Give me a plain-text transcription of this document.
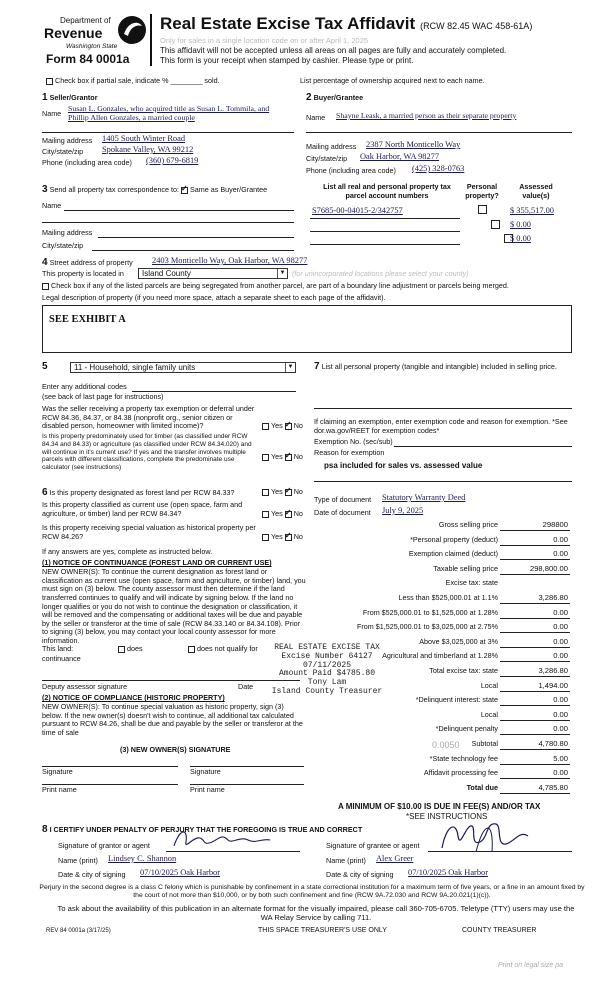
Department of
Revenue
Washington State
Form 84 0001a
Real Estate Excise Tax Affidavit (RCW 82.45 WAC 458-61A)
Only for sales in a single location code on or after April 1, 2025
This affidavit will not be accepted unless all areas on all pages are fully and accurately completed.
This form is your receipt when stamped by cashier. Please type or print.
Check box if partial sale, indicate % ________ sold.	List percentage of ownership acquired next to each name.
1 Seller/Grantor
Name
Susan L. Gonzales, who acquired title as Susan L. Tommila, and
Phillip Allen Gonzales, a married couple
Mailing address 1405 South Winter Road
City/state/zip Spokane Valley, WA 99212
Phone (including area code) (360) 679-6819
2 Buyer/Grantee
Name Shayne Leask, a married person as their separate property
Mailing address 2387 North Monticello Way
City/state/zip Oak Harbor, WA 98277
Phone (including area code) (425) 328-0763
3 Send all property tax correspondence to: ✓ Same as Buyer/Grantee
Name
Mailing address
City/state/zip
List all real and personal property tax parcel account numbers
Personal property?
Assessed value(s)
S7685-00-04015-2/342757
	$ 355,517.00

$ 0.00
$ 0.00
4 Street address of property 2403 Monticello Way, Oak Harbor, WA 98277
This property is located in Island County	▼ (for unincorporated locations please select your county)
Check box if any of the listed parcels are being segregated from another parcel, are part of a boundary line adjustment or parcels being merged.
Legal description of property (if you need more space, attach a separate sheet to each page of the affidavit).
SEE EXHIBIT A
5	11 - Household, single family units	▼
Enter any additional codes
(see back of last page for instructions)
Was the seller receiving a property tax exemption or deferral under RCW 84.36, 84.37, or 84.38 (nonprofit org., senior citizen or disabled person, homeowner with limited income)?	Yes ✓ No
Is this property predominately used for timber (as classified under RCW 84.34 and 84.33) or agriculture (as classified under RCW 84.34.020) and will continue in it's current use? If yes and the transfer involves multiple parcels with different classifications, complete the predominate use calculator (see instructions)
Yes ✓ No
6 Is this property designated as forest land per RCW 84.33?	Yes ✓ No
Is this property classified as current use (open space, farm and agriculture, or timber) land per RCW 84.34?	Yes ✓ No
Is this property receiving special valuation as historical property per RCW 84.26?	Yes ✓ No
If any answers are yes, complete as instructed below.
(1) NOTICE OF CONTINUANCE (FOREST LAND OR CURRENT USE)
NEW OWNER(S): To continue the current designation as forest land or classification as current use (open space, farm and agriculture, or timber) land, you must sign on (3) below. The county assessor must then determine if the land transferred continues to qualify and will indicate by signing below. If the land no longer qualifies or you do not wish to continue the designation or classification, it will be removed and the compensating or additional taxes will be due and payable by the seller or transferor at the time of sale (RCW 84.33.140 or 84.34.108). Prior to signing (3) below, you may contact your local county assessor for more information.
This land:
continuance
does	does not qualify for
Deputy assessor signature	Date
REAL ESTATE EXCISE TAX
Excise Number 64127
07/11/2025
Amount Paid $4785.80
Tony Lam
Island County Treasurer
(2) NOTICE OF COMPLIANCE (HISTORIC PROPERTY)
NEW OWNER(S): To continue special valuation as historic property, sign (3) below. If the new owner(s) doesn't wish to continue, all additional tax calculated pursuant to RCW 84.26, shall be due and payable by the seller or transferor at the time of sale
(3) NEW OWNER(S) SIGNATURE
Signature	Signature
Print name	Print name
7 List all personal property (tangible and intangible) included in selling price.
If claiming an exemption, enter exemption code and reason for exemption. *See dor.wa.gov/REET for exemption codes*
Exemption No. (sec/sub)
Reason for exemption
psa included for sales vs. assessed value
Type of document Statutory Warranty Deed
Date of document July 9, 2025
Gross selling price	298800
*Personal property (deduct)	0.00
Exemption claimed (deduct)	0.00
Taxable selling price	298,800.00
Excise tax: state
Less than $525,000.01 at 1.1%	3,286.80
From $525,000.01 to $1,525,000 at 1.28%	0.00
From $1,525,000.01 to $3,025,000 at 2.75%	0.00
Above $3,025,000 at 3%	0.00
Agricultural and timberland at 1.28%	0.00
Total excise tax: state	3,286.80
Local	1,494.00
*Delinquent interest: state	0.00
Local	0.00
*Delinquent penalty	0.00
Subtotal	4,780.80
*State technology fee	5.00
Affidavit processing fee	0.00
Total due	4,785.80
0.0050
A MINIMUM OF $10.00 IS DUE IN FEE(S) AND/OR TAX
*SEE INSTRUCTIONS
8 I CERTIFY UNDER PENALTY OF PERJURY THAT THE FOREGOING IS TRUE AND CORRECT
Signature of grantor or agent
Name (print) Lindsey C. Shannon
Date & city of signing 07/10/2025 Oak Harbor
Signature of grantee or agent
Name (print) Alex Greer
Date & city of signing 07/10/2025 Oak Harbor
Perjury in the second degree is a class C felony which is punishable by confinement in a state correctional institution for a maximum term of five years, or a fine in an amount fixed by the court of not more than $10,000, or by both such confinement and fine (RCW 9A.72.030 and RCW 9A.20.021(1)(c)).
To ask about the availability of this publication in an alternate format for the visually impaired, please call 360-705-6705. Teletype (TTY) users may use the WA Relay Service by calling 711.
REV 84 0001a (3/17/25)	THIS SPACE TREASURER'S USE ONLY	COUNTY TREASURER
Print on legal size pa
